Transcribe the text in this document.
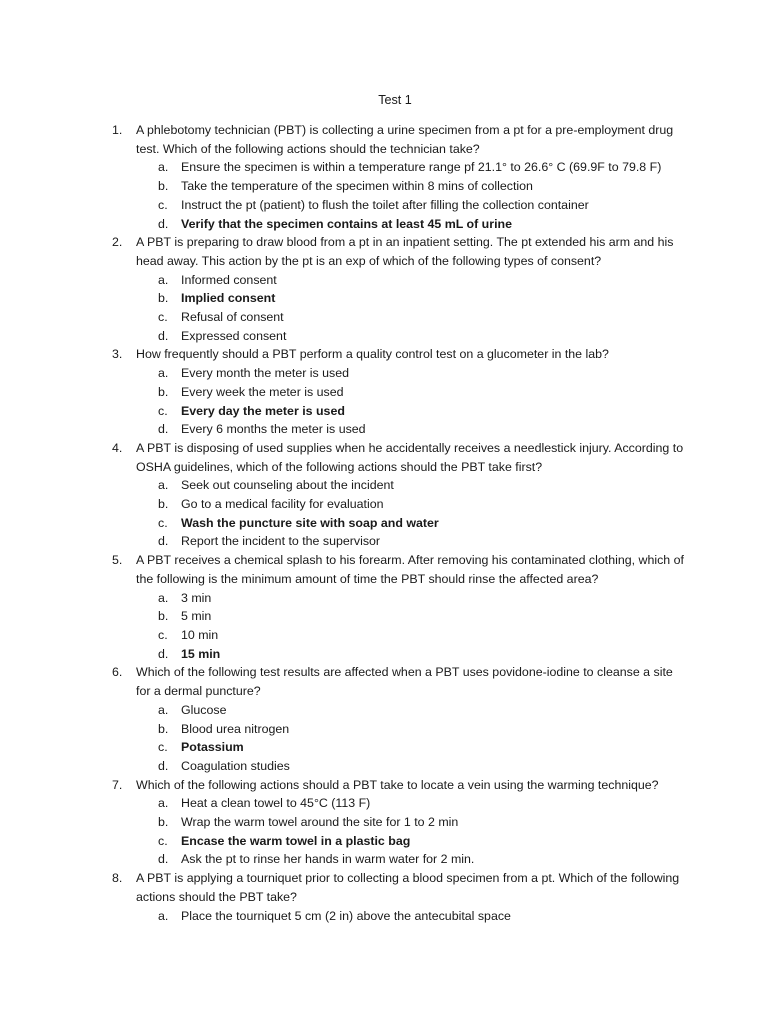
Test 1
1. A phlebotomy technician (PBT) is collecting a urine specimen from a pt for a pre-employment drug test. Which of the following actions should the technician take?
a. Ensure the specimen is within a temperature range pf 21.1° to 26.6° C (69.9F to 79.8 F)
b. Take the temperature of the specimen within 8 mins of collection
c. Instruct the pt (patient) to flush the toilet after filling the collection container
d. Verify that the specimen contains at least 45 mL of urine
2. A PBT is preparing to draw blood from a pt in an inpatient setting. The pt extended his arm and his head away. This action by the pt is an exp of which of the following types of consent?
a. Informed consent
b. Implied consent
c. Refusal of consent
d. Expressed consent
3. How frequently should a PBT perform a quality control test on a glucometer in the lab?
a. Every month the meter is used
b. Every week the meter is used
c. Every day the meter is used
d. Every 6 months the meter is used
4. A PBT is disposing of used supplies when he accidentally receives a needlestick injury. According to OSHA guidelines, which of the following actions should the PBT take first?
a. Seek out counseling about the incident
b. Go to a medical facility for evaluation
c. Wash the puncture site with soap and water
d. Report the incident to the supervisor
5. A PBT receives a chemical splash to his forearm. After removing his contaminated clothing, which of the following is the minimum amount of time the PBT should rinse the affected area?
a. 3 min
b. 5 min
c. 10 min
d. 15 min
6. Which of the following test results are affected when a PBT uses povidone-iodine to cleanse a site for a dermal puncture?
a. Glucose
b. Blood urea nitrogen
c. Potassium
d. Coagulation studies
7. Which of the following actions should a PBT take to locate a vein using the warming technique?
a. Heat a clean towel to 45°C (113 F)
b. Wrap the warm towel around the site for 1 to 2 min
c. Encase the warm towel in a plastic bag
d. Ask the pt to rinse her hands in warm water for 2 min.
8. A PBT is applying a tourniquet prior to collecting a blood specimen from a pt. Which of the following actions should the PBT take?
a. Place the tourniquet 5 cm (2 in) above the antecubital space
